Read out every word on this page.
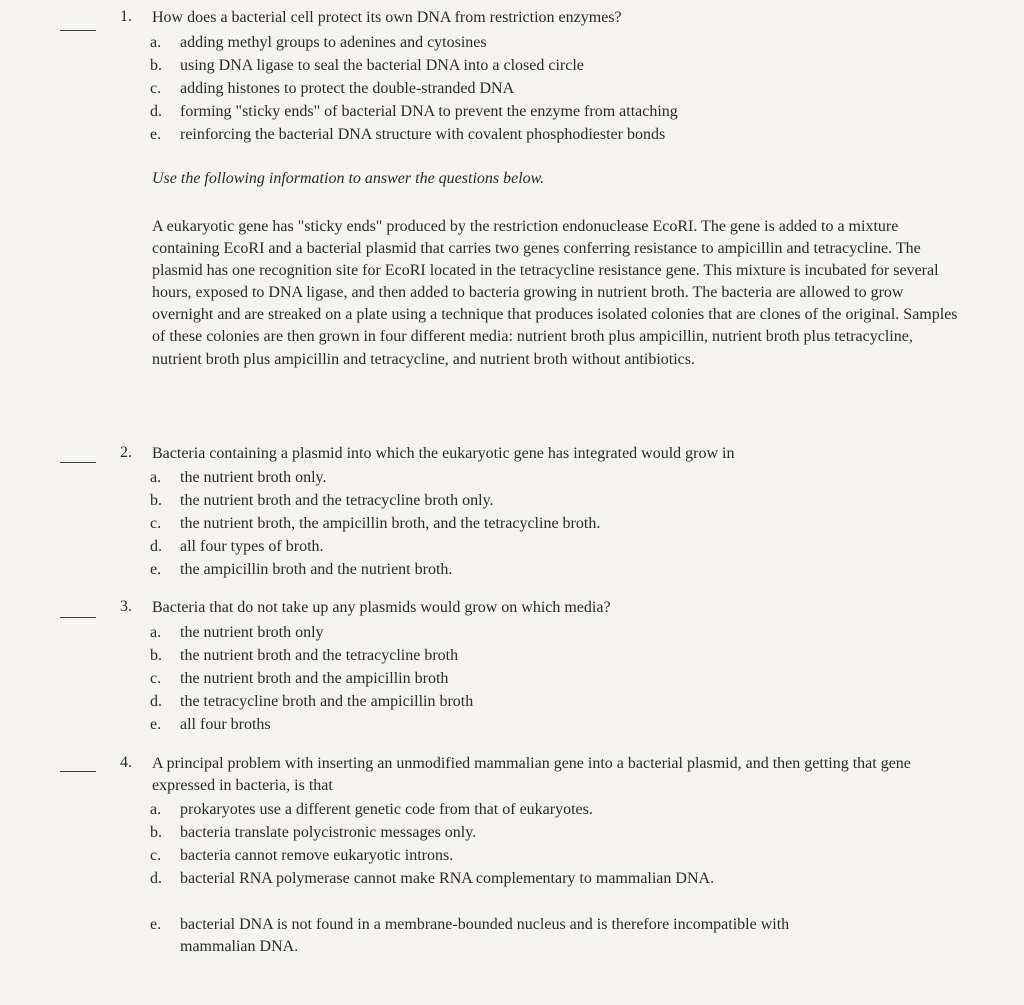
1. How does a bacterial cell protect its own DNA from restriction enzymes?
a. adding methyl groups to adenines and cytosines
b. using DNA ligase to seal the bacterial DNA into a closed circle
c. adding histones to protect the double-stranded DNA
d. forming "sticky ends" of bacterial DNA to prevent the enzyme from attaching
e. reinforcing the bacterial DNA structure with covalent phosphodiester bonds
Use the following information to answer the questions below.
A eukaryotic gene has "sticky ends" produced by the restriction endonuclease EcoRI. The gene is added to a mixture containing EcoRI and a bacterial plasmid that carries two genes conferring resistance to ampicillin and tetracycline. The plasmid has one recognition site for EcoRI located in the tetracycline resistance gene. This mixture is incubated for several hours, exposed to DNA ligase, and then added to bacteria growing in nutrient broth. The bacteria are allowed to grow overnight and are streaked on a plate using a technique that produces isolated colonies that are clones of the original. Samples of these colonies are then grown in four different media: nutrient broth plus ampicillin, nutrient broth plus tetracycline, nutrient broth plus ampicillin and tetracycline, and nutrient broth without antibiotics.
2. Bacteria containing a plasmid into which the eukaryotic gene has integrated would grow in
a. the nutrient broth only.
b. the nutrient broth and the tetracycline broth only.
c. the nutrient broth, the ampicillin broth, and the tetracycline broth.
d. all four types of broth.
e. the ampicillin broth and the nutrient broth.
3. Bacteria that do not take up any plasmids would grow on which media?
a. the nutrient broth only
b. the nutrient broth and the tetracycline broth
c. the nutrient broth and the ampicillin broth
d. the tetracycline broth and the ampicillin broth
e. all four broths
4. A principal problem with inserting an unmodified mammalian gene into a bacterial plasmid, and then getting that gene expressed in bacteria, is that
a. prokaryotes use a different genetic code from that of eukaryotes.
b. bacteria translate polycistronic messages only.
c. bacteria cannot remove eukaryotic introns.
d. bacterial RNA polymerase cannot make RNA complementary to mammalian DNA.
e. bacterial DNA is not found in a membrane-bounded nucleus and is therefore incompatible with mammalian DNA.
